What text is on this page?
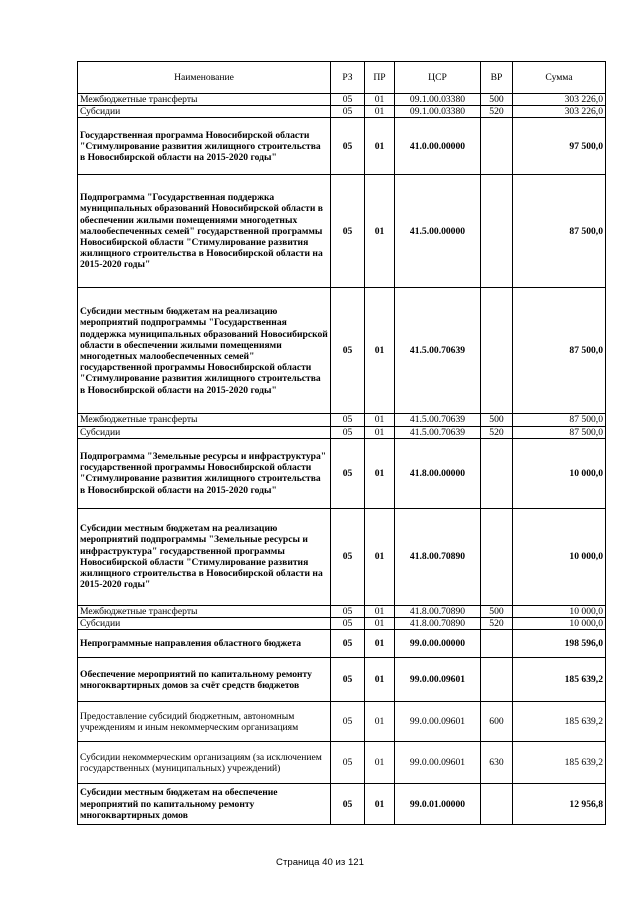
Наименование	РЗ	ПР	ЦСР	ВР	Сумма
Межбюджетные трансферты	05	01	09.1.00.03380	500	303 226,0
Субсидии	05	01	09.1.00.03380	520	303 226,0
Государственная программа Новосибирской области "Стимулирование развития жилищного строительства в Новосибирской области на 2015-2020 годы"	05	01	41.0.00.00000		97 500,0
Подпрограмма "Государственная поддержка муниципальных образований Новосибирской области в обеспечении жилыми помещениями многодетных малообеспеченных семей" государственной программы Новосибирской области "Стимулирование развития жилищного строительства в Новосибирской области на 2015-2020 годы"	05	01	41.5.00.00000		87 500,0
Субсидии местным бюджетам на реализацию мероприятий подпрограммы "Государственная поддержка муниципальных образований Новосибирской области в обеспечении жилыми помещениями многодетных малообеспеченных семей" государственной программы Новосибирской области "Стимулирование развития жилищного строительства в Новосибирской области на 2015-2020 годы"	05	01	41.5.00.70639		87 500,0
Межбюджетные трансферты	05	01	41.5.00.70639	500	87 500,0
Субсидии	05	01	41.5.00.70639	520	87 500,0
Подпрограмма "Земельные ресурсы и инфраструктура" государственной программы Новосибирской области "Стимулирование развития жилищного строительства в Новосибирской области на 2015-2020 годы"	05	01	41.8.00.00000		10 000,0
Субсидии местным бюджетам на реализацию мероприятий подпрограммы "Земельные ресурсы и инфраструктура" государственной программы Новосибирской области "Стимулирование развития жилищного строительства в Новосибирской области на 2015-2020 годы"	05	01	41.8.00.70890		10 000,0
Межбюджетные трансферты	05	01	41.8.00.70890	500	10 000,0
Субсидии	05	01	41.8.00.70890	520	10 000,0
Непрограммные направления областного бюджета	05	01	99.0.00.00000		198 596,0
Обеспечение мероприятий по капитальному ремонту многоквартирных домов за счёт средств бюджетов	05	01	99.0.00.09601		185 639,2
Предоставление субсидий бюджетным, автономным учреждениям и иным некоммерческим организациям	05	01	99.0.00.09601	600	185 639,2
Субсидии некоммерческим организациям (за исключением государственных (муниципальных) учреждений)	05	01	99.0.00.09601	630	185 639,2
Субсидии местным бюджетам на обеспечение мероприятий по капитальному ремонту многоквартирных домов	05	01	99.0.01.00000		12 956,8
Страница 40 из 121
